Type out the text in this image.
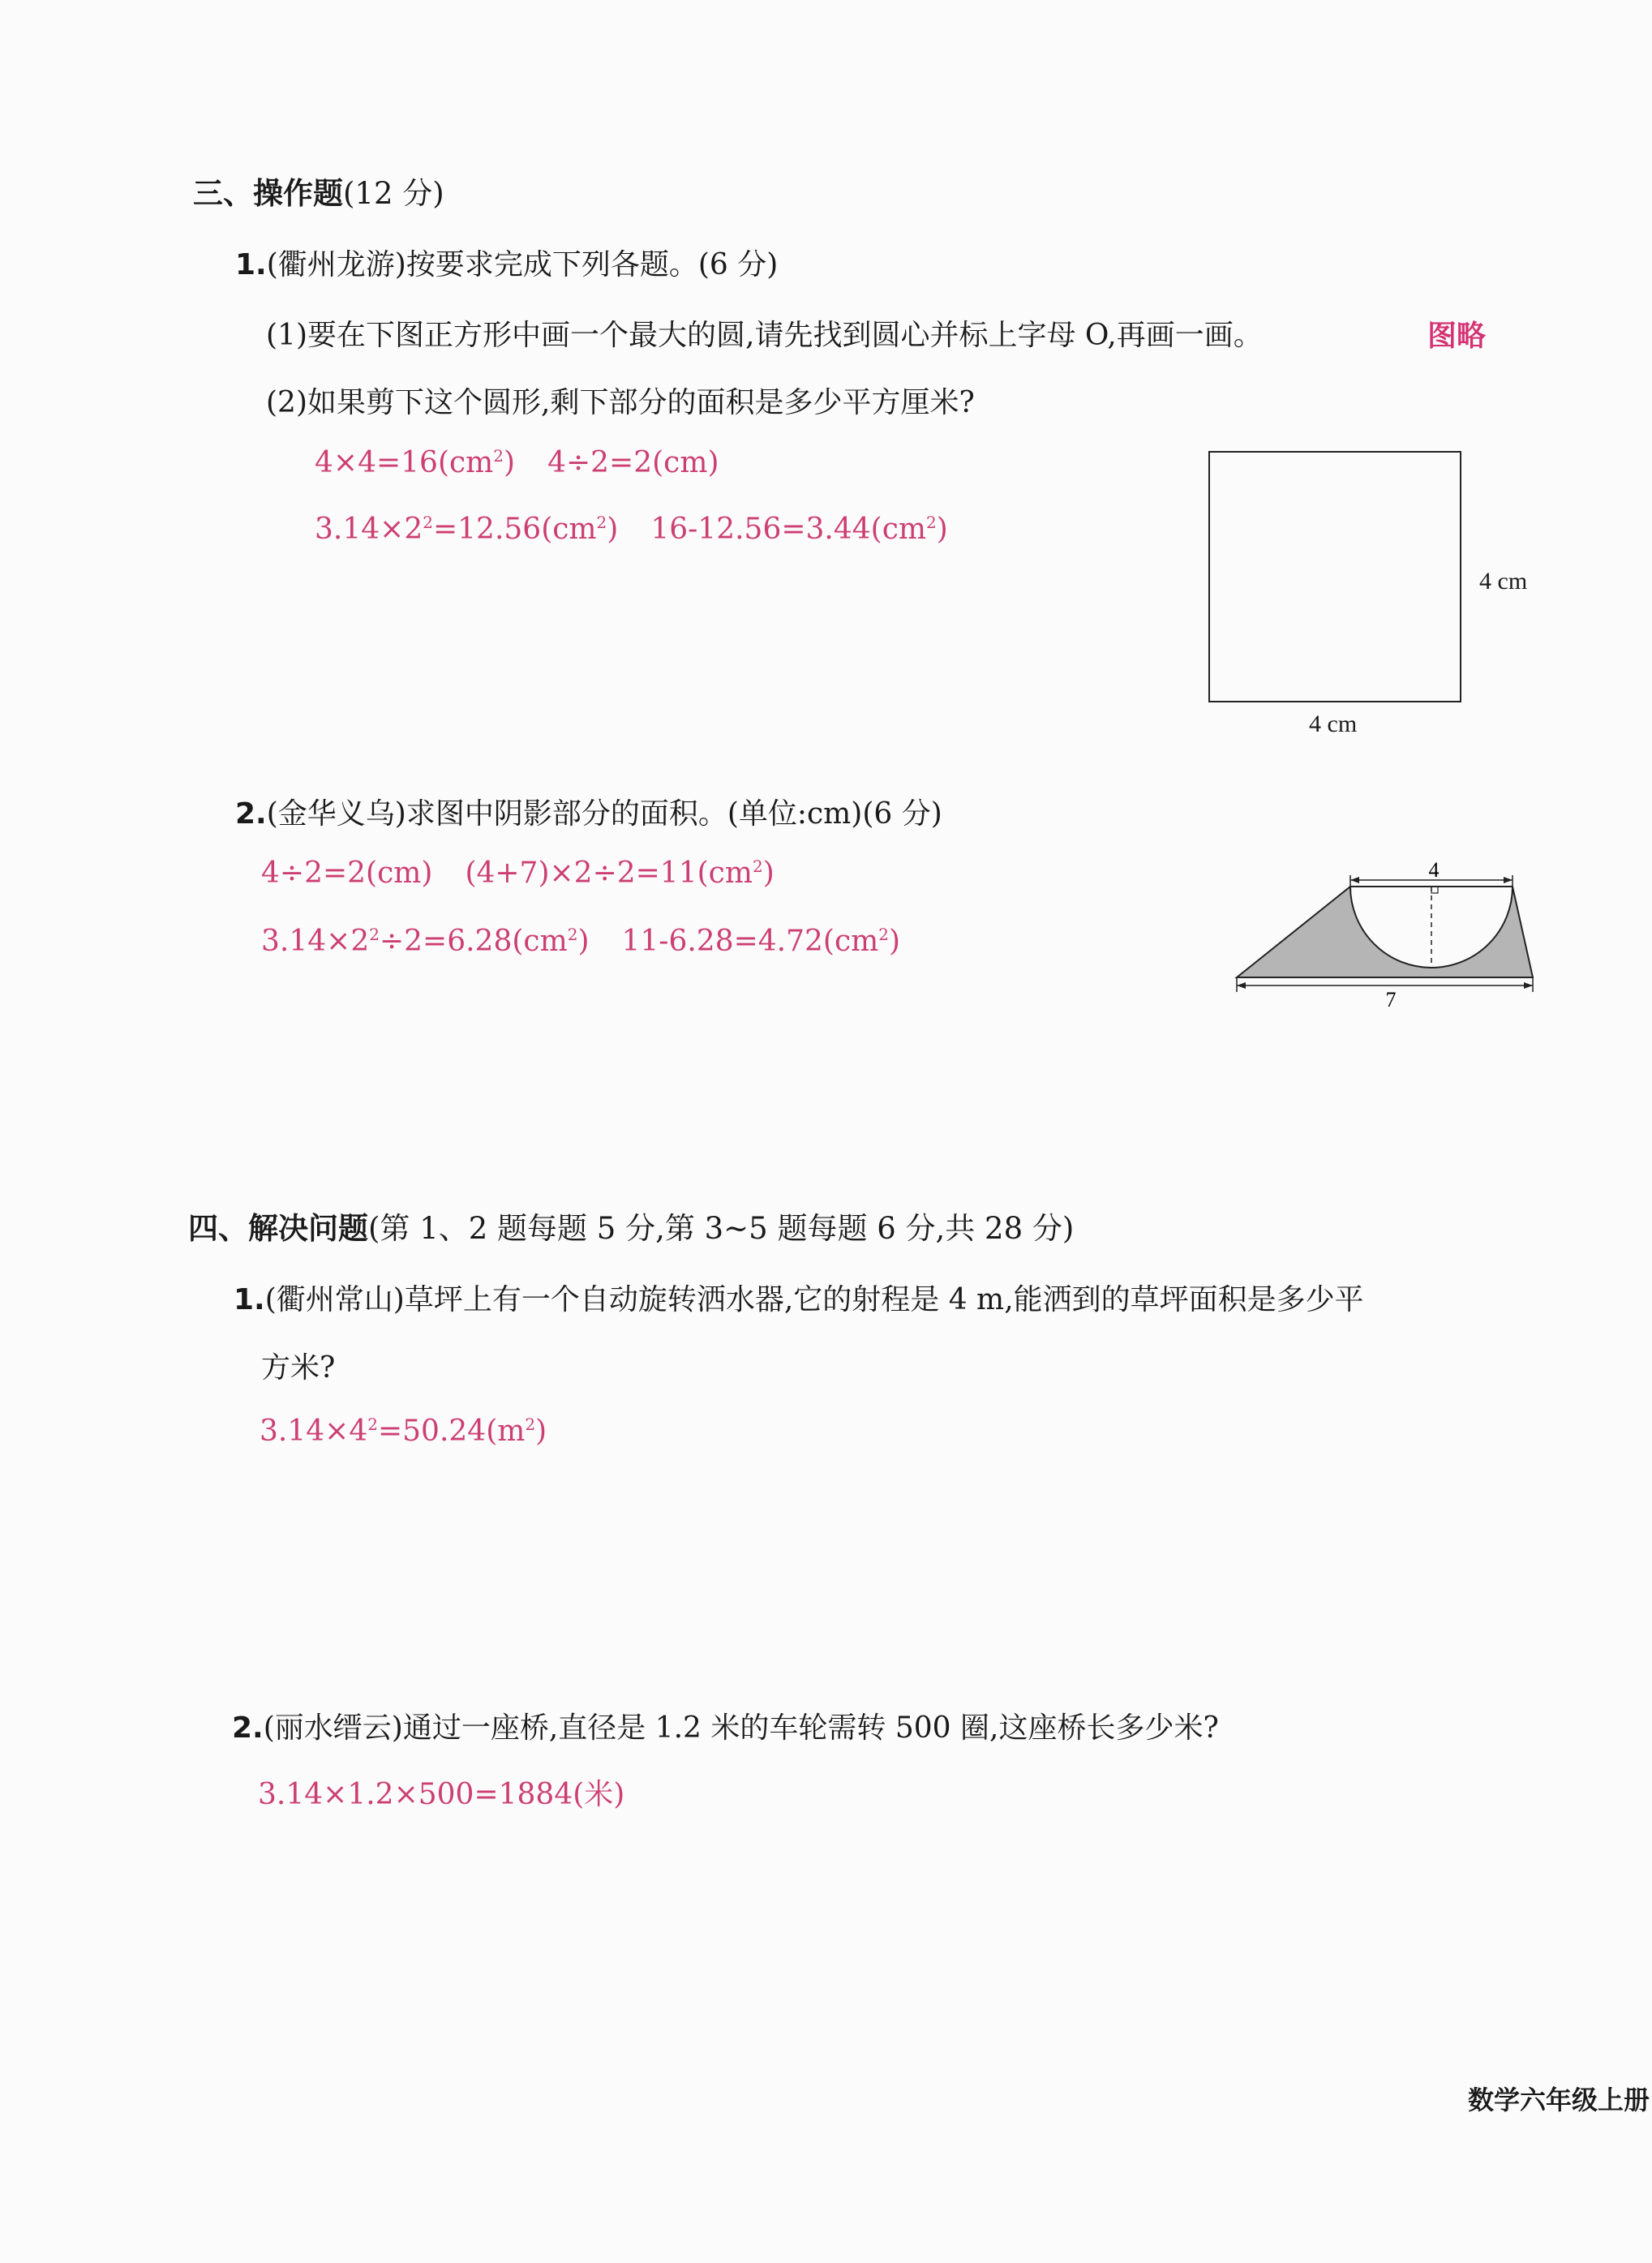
三、操作题(12 分)
1.(衢州龙游)按要求完成下列各题。(6 分)
(1)要在下图正方形中画一个最大的圆,请先找到圆心并标上字母 O,再画一画。	图略
(2)如果剪下这个圆形,剩下部分的面积是多少平方厘米?
$4\times 4=16(cm^2)$ 4÷2=2(cm)
$3.14\times 2^2=12.56(cm^2)$ $16-12.56=3.44(cm^2)$
4 cm
4 cm
2.(金华义乌)求图中阴影部分的面积。(单位:cm)(6 分)
4÷2=2(cm) $(4+7)\times 2\div 2=11(cm^2)$
$3.14\times 2^2\div 2=6.28(cm^2)$ $11-6.28=4.72(cm^2)$
4
7
四、解决问题(第 1、2 题每题 5 分,第 3~5 题每题 6 分,共 28 分)
1.(衢州常山)草坪上有一个自动旋转洒水器,它的射程是 4 m,能洒到的草坪面积是多少平
方米?
$3.14\times 4^2=50.24(m^2)$
2.(丽水缙云)通过一座桥,直径是 1.2 米的车轮需转 500 圈,这座桥长多少米?
3.14×1.2×500=1884(米)
数学六年级上册
